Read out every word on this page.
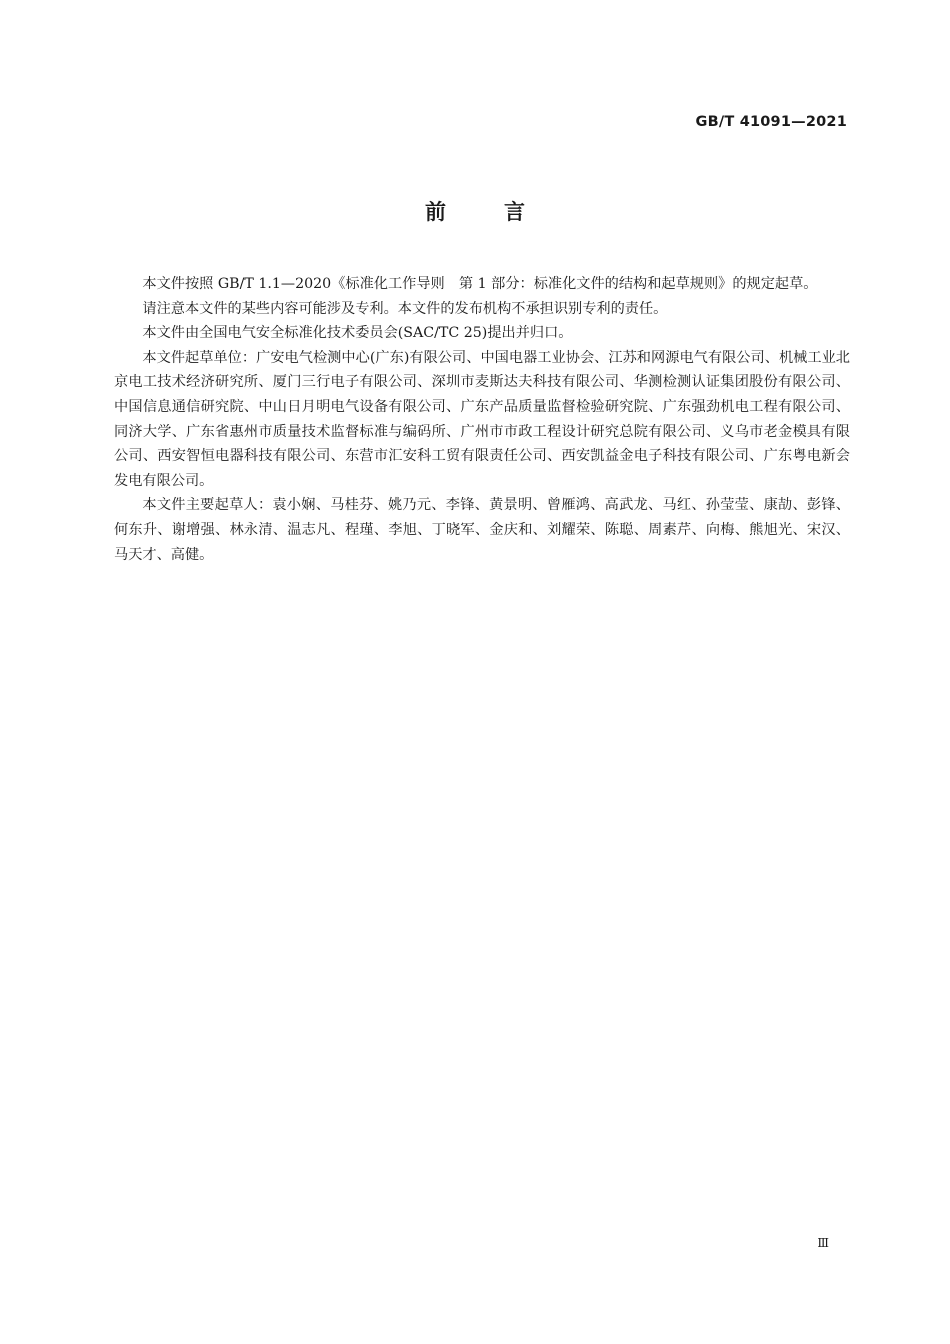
GB/T 41091—2021
前言

本文件按照 GB/T 1.1—2020《标准化工作导则　第 1 部分：标准化文件的结构和起草规则》的规定起草。

请注意本文件的某些内容可能涉及专利。本文件的发布机构不承担识别专利的责任。

本文件由全国电气安全标准化技术委员会(SAC/TC 25)提出并归口。

本文件起草单位：广安电气检测中心(广东)有限公司、中国电器工业协会、江苏和网源电气有限公司、机械工业北京电工技术经济研究所、厦门三行电子有限公司、深圳市麦斯达夫科技有限公司、华测检测认证集团股份有限公司、中国信息通信研究院、中山日月明电气设备有限公司、广东产品质量监督检验研究院、广东强劲机电工程有限公司、同济大学、广东省惠州市质量技术监督标准与编码所、广州市市政工程设计研究总院有限公司、义乌市老金模具有限公司、西安智恒电器科技有限公司、东营市汇安科工贸有限责任公司、西安凯益金电子科技有限公司、广东粤电新会发电有限公司。

本文件主要起草人：袁小娴、马桂芬、姚乃元、李锋、黄景明、曾雁鸿、高武龙、马红、孙莹莹、康劼、彭锋、何东升、谢增强、林永清、温志凡、程瑾、李旭、丁晓军、金庆和、刘耀荣、陈聪、周素芹、向梅、熊旭光、宋汉、马天才、高健。

Ⅲ
